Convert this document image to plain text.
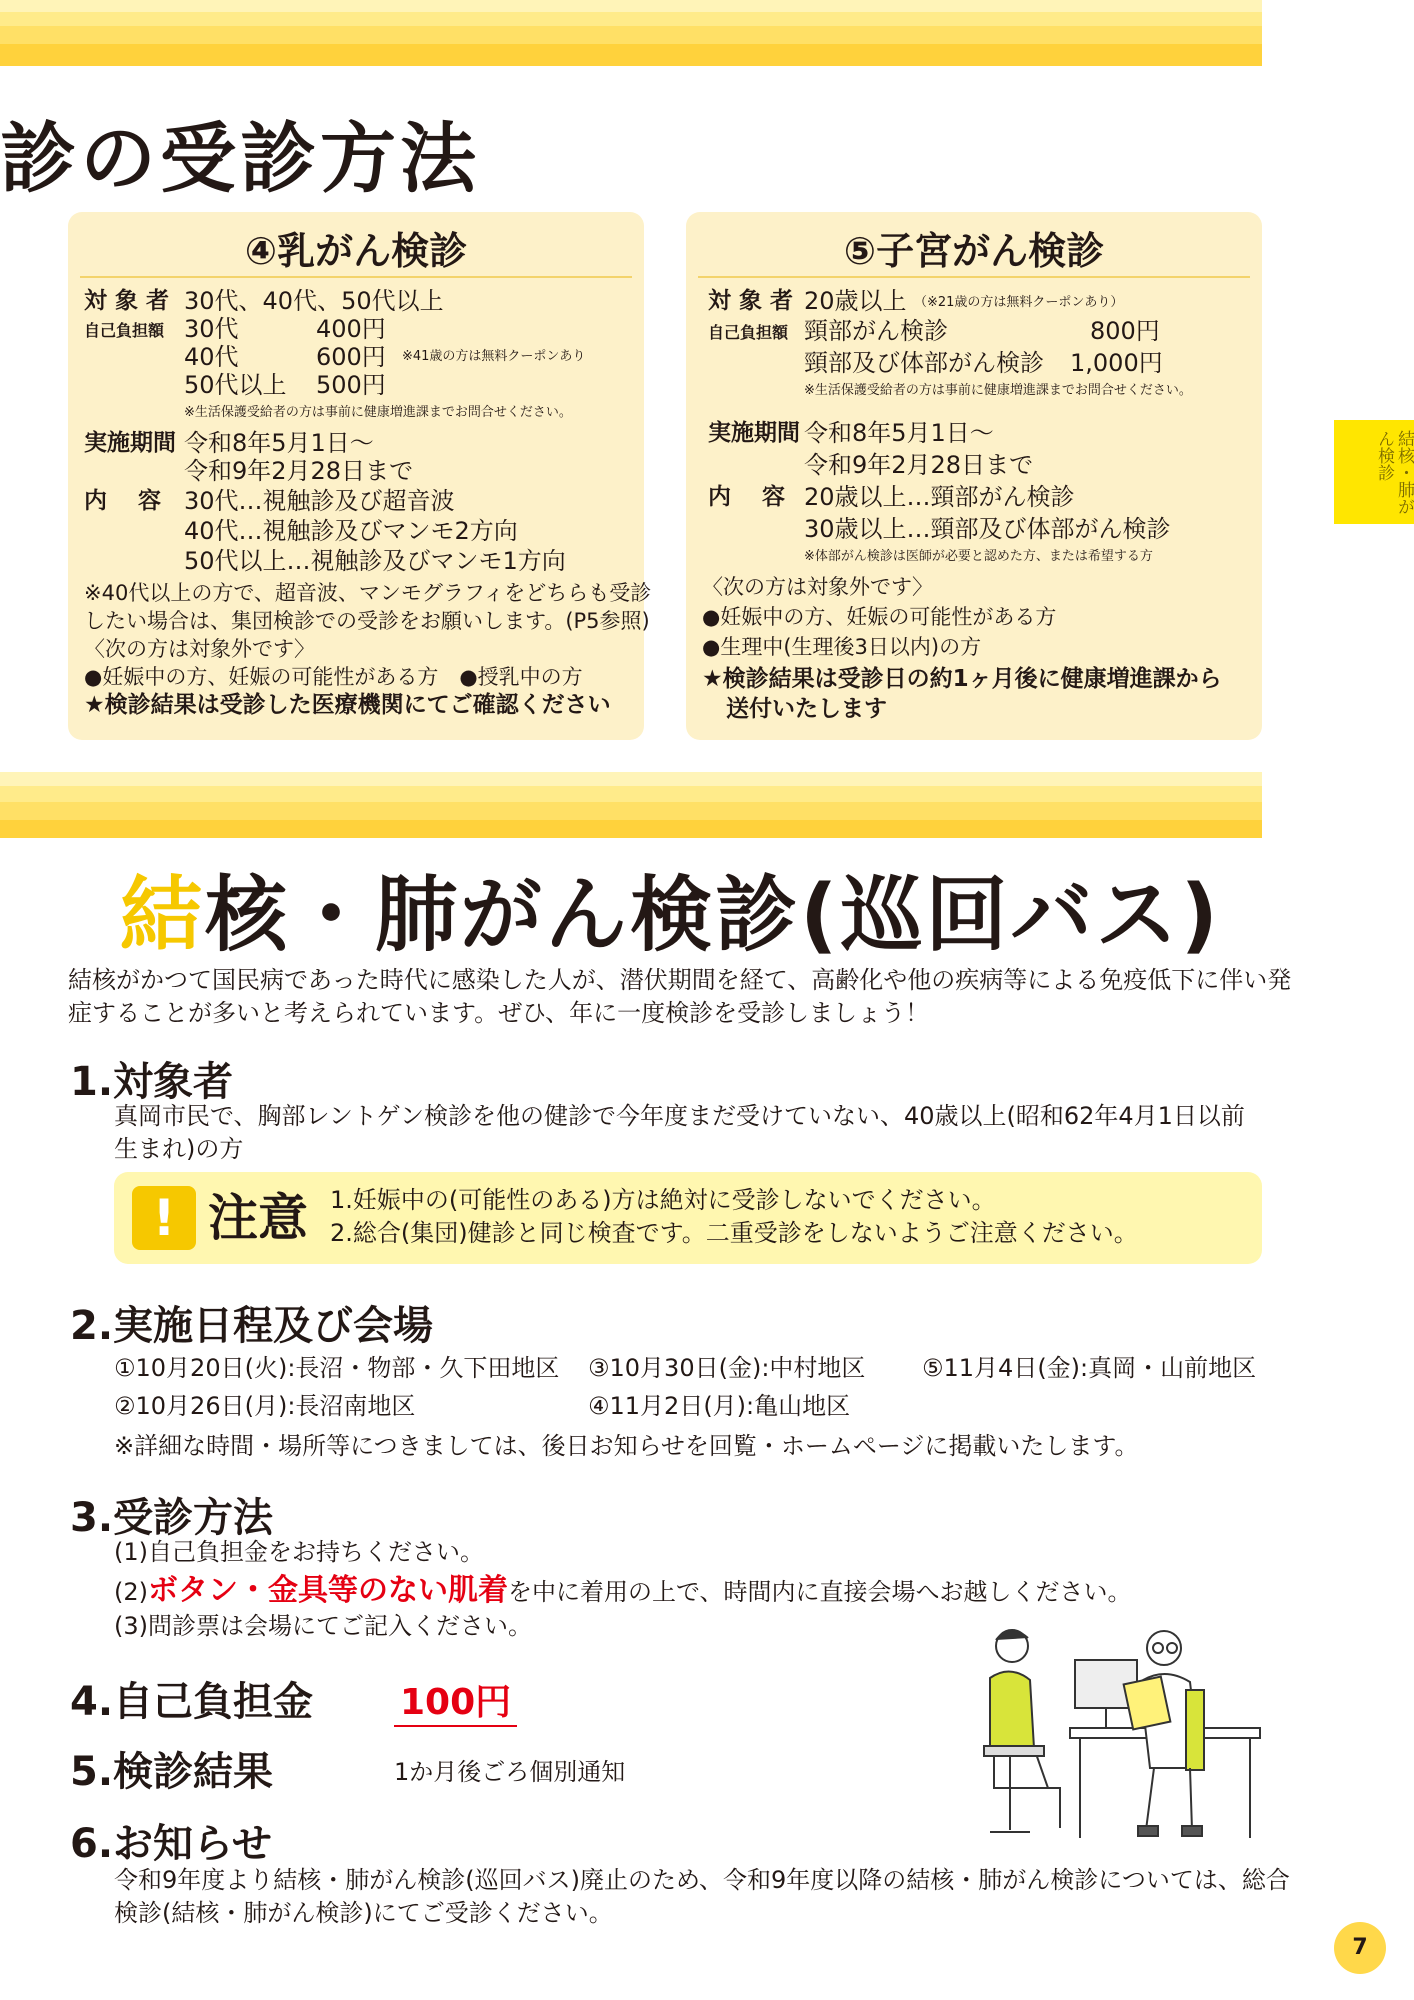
診の受診方法
④乳がん検診
対 象 者 30代、40代、50代以上
自己負担額 30代	400円
40代	600円 ※41歳の方は無料クーポンあり
50代以上 500円
※生活保護受給者の方は事前に健康増進課までお問合せください。
実施期間 令和8年5月1日～
令和9年2月28日まで
内　 容 30代…視触診及び超音波
40代…視触診及びマンモ2方向
50代以上…視触診及びマンモ1方向
※40代以上の方で、超音波、マンモグラフィをどちらも受診
したい場合は、集団検診での受診をお願いします。(P5参照)
〈次の方は対象外です〉
●妊娠中の方、妊娠の可能性がある方　●授乳中の方
★検診結果は受診した医療機関にてご確認ください
⑤子宮がん検診
対 象 者 20歳以上 （※21歳の方は無料クーポンあり）
自己負担額 頸部がん検診	800円
頸部及び体部がん検診 1,000円
※生活保護受給者の方は事前に健康増進課までお問合せください。
実施期間 令和8年5月1日～
令和9年2月28日まで
内　 容 20歳以上…頸部がん検診
30歳以上…頸部及び体部がん検診
※体部がん検診は医師が必要と認めた方、または希望する方
〈次の方は対象外です〉
●妊娠中の方、妊娠の可能性がある方
●生理中(生理後3日以内)の方
★検診結果は受診日の約1ヶ月後に健康増進課から
送付いたします
結核・肺がん検診(巡回バス)
結核がかつて国民病であった時代に感染した人が、潜伏期間を経て、高齢化や他の疾病等による免疫低下に伴い発
症することが多いと考えられています。ぜひ、年に一度検診を受診しましょう！
1.対象者
真岡市民で、胸部レントゲン検診を他の健診で今年度まだ受けていない、40歳以上(昭和62年4月1日以前
生まれ)の方
! 注意 1.妊娠中の(可能性のある)方は絶対に受診しないでください。
2.総合(集団)健診と同じ検査です。二重受診をしないようご注意ください。
2.実施日程及び会場
①10月20日(火):長沼・物部・久下田地区 ③10月30日(金):中村地区 ⑤11月4日(金):真岡・山前地区
②10月26日(月):長沼南地区	④11月2日(月):亀山地区
※詳細な時間・場所等につきましては、後日お知らせを回覧・ホームページに掲載いたします。
3.受診方法
(1)自己負担金をお持ちください。
(2)ボタン・金具等のない肌着を中に着用の上で、時間内に直接会場へお越しください。
(3)問診票は会場にてご記入ください。
4.自己負担金 100円
5.検診結果	1か月後ごろ個別通知
6.お知らせ
令和9年度より結核・肺がん検診(巡回バス)廃止のため、令和9年度以降の結核・肺がん検診については、総合
検診(結核・肺がん検診)にてご受診ください。
結核・肺がん検診
7
